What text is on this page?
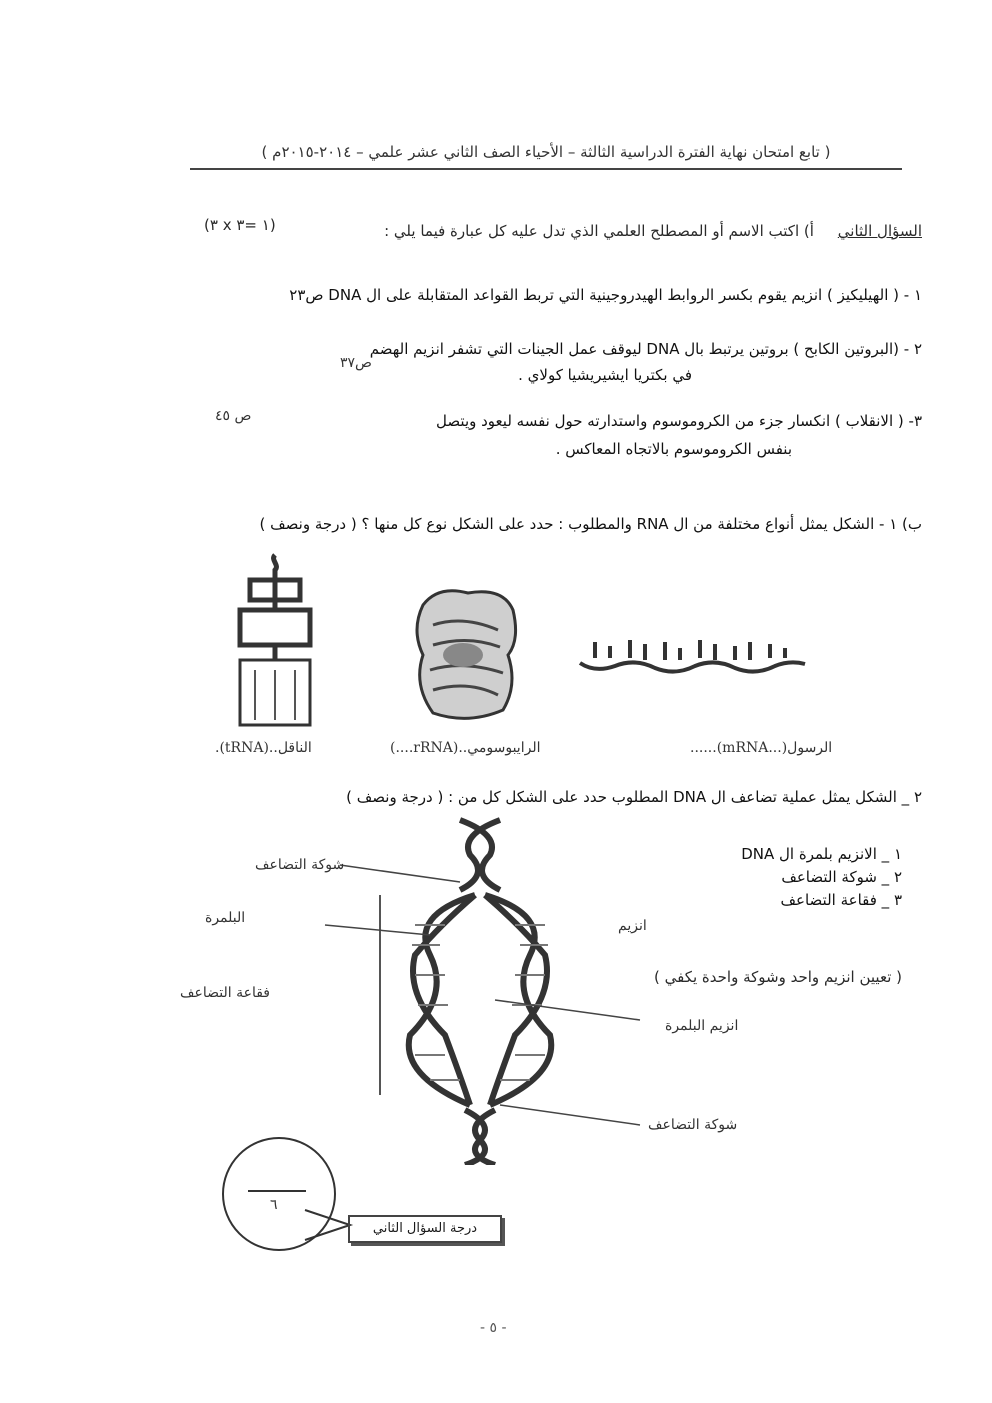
( تابع امتحان نهاية الفترة الدراسية الثالثة – الأحياء الصف الثاني عشر علمي – ٢٠١٤-٢٠١٥م )
السؤال الثاني     أ) اكتب الاسم أو المصطلح العلمي الذي تدل عليه كل عبارة فيما يلي :
(٣ x ١ =٣)
١ - ( الهيليكيز ) انزيم يقوم بكسر الروابط الهيدروجينية التي تربط القواعد المتقابلة على ال DNA ص٢٣
٢ - (البروتين الكابح ) بروتين يرتبط بال DNA ليوقف عمل الجينات التي تشفر انزيم الهضم
في بكتريا ايشيريشيا كولاي .
ص٣٧
٣- ( الانقلاب ) انكسار جزء من الكروموسوم واستدارته حول نفسه ليعود ويتصل
بنفس الكروموسوم بالاتجاه المعاكس .
ص ٤٥
ب) ١ - الشكل يمثل أنواع مختلفة من ال RNA والمطلوب : حدد على الشكل نوع كل منها ؟ ( درجة ونصف )
الناقل..(tRNA).	الرايبوسومي..(rRNA....)	الرسول(...mRNA)......
٢ _ الشكل يمثل عملية تضاعف ال DNA المطلوب حدد على الشكل كل من : ( درجة ونصف )
١ _ الانزيم بلمرة ال DNA
٢ _ شوكة التضاعف
٣ _ فقاعة التضاعف
( تعيين انزيم واحد وشوكة واحدة يكفي )
شوكة التضاعف
البلمرة	انزيم
فقاعة التضاعف
انزيم البلمرة
شوكة التضاعف
٦
درجة السؤال الثاني
- ٥ -
